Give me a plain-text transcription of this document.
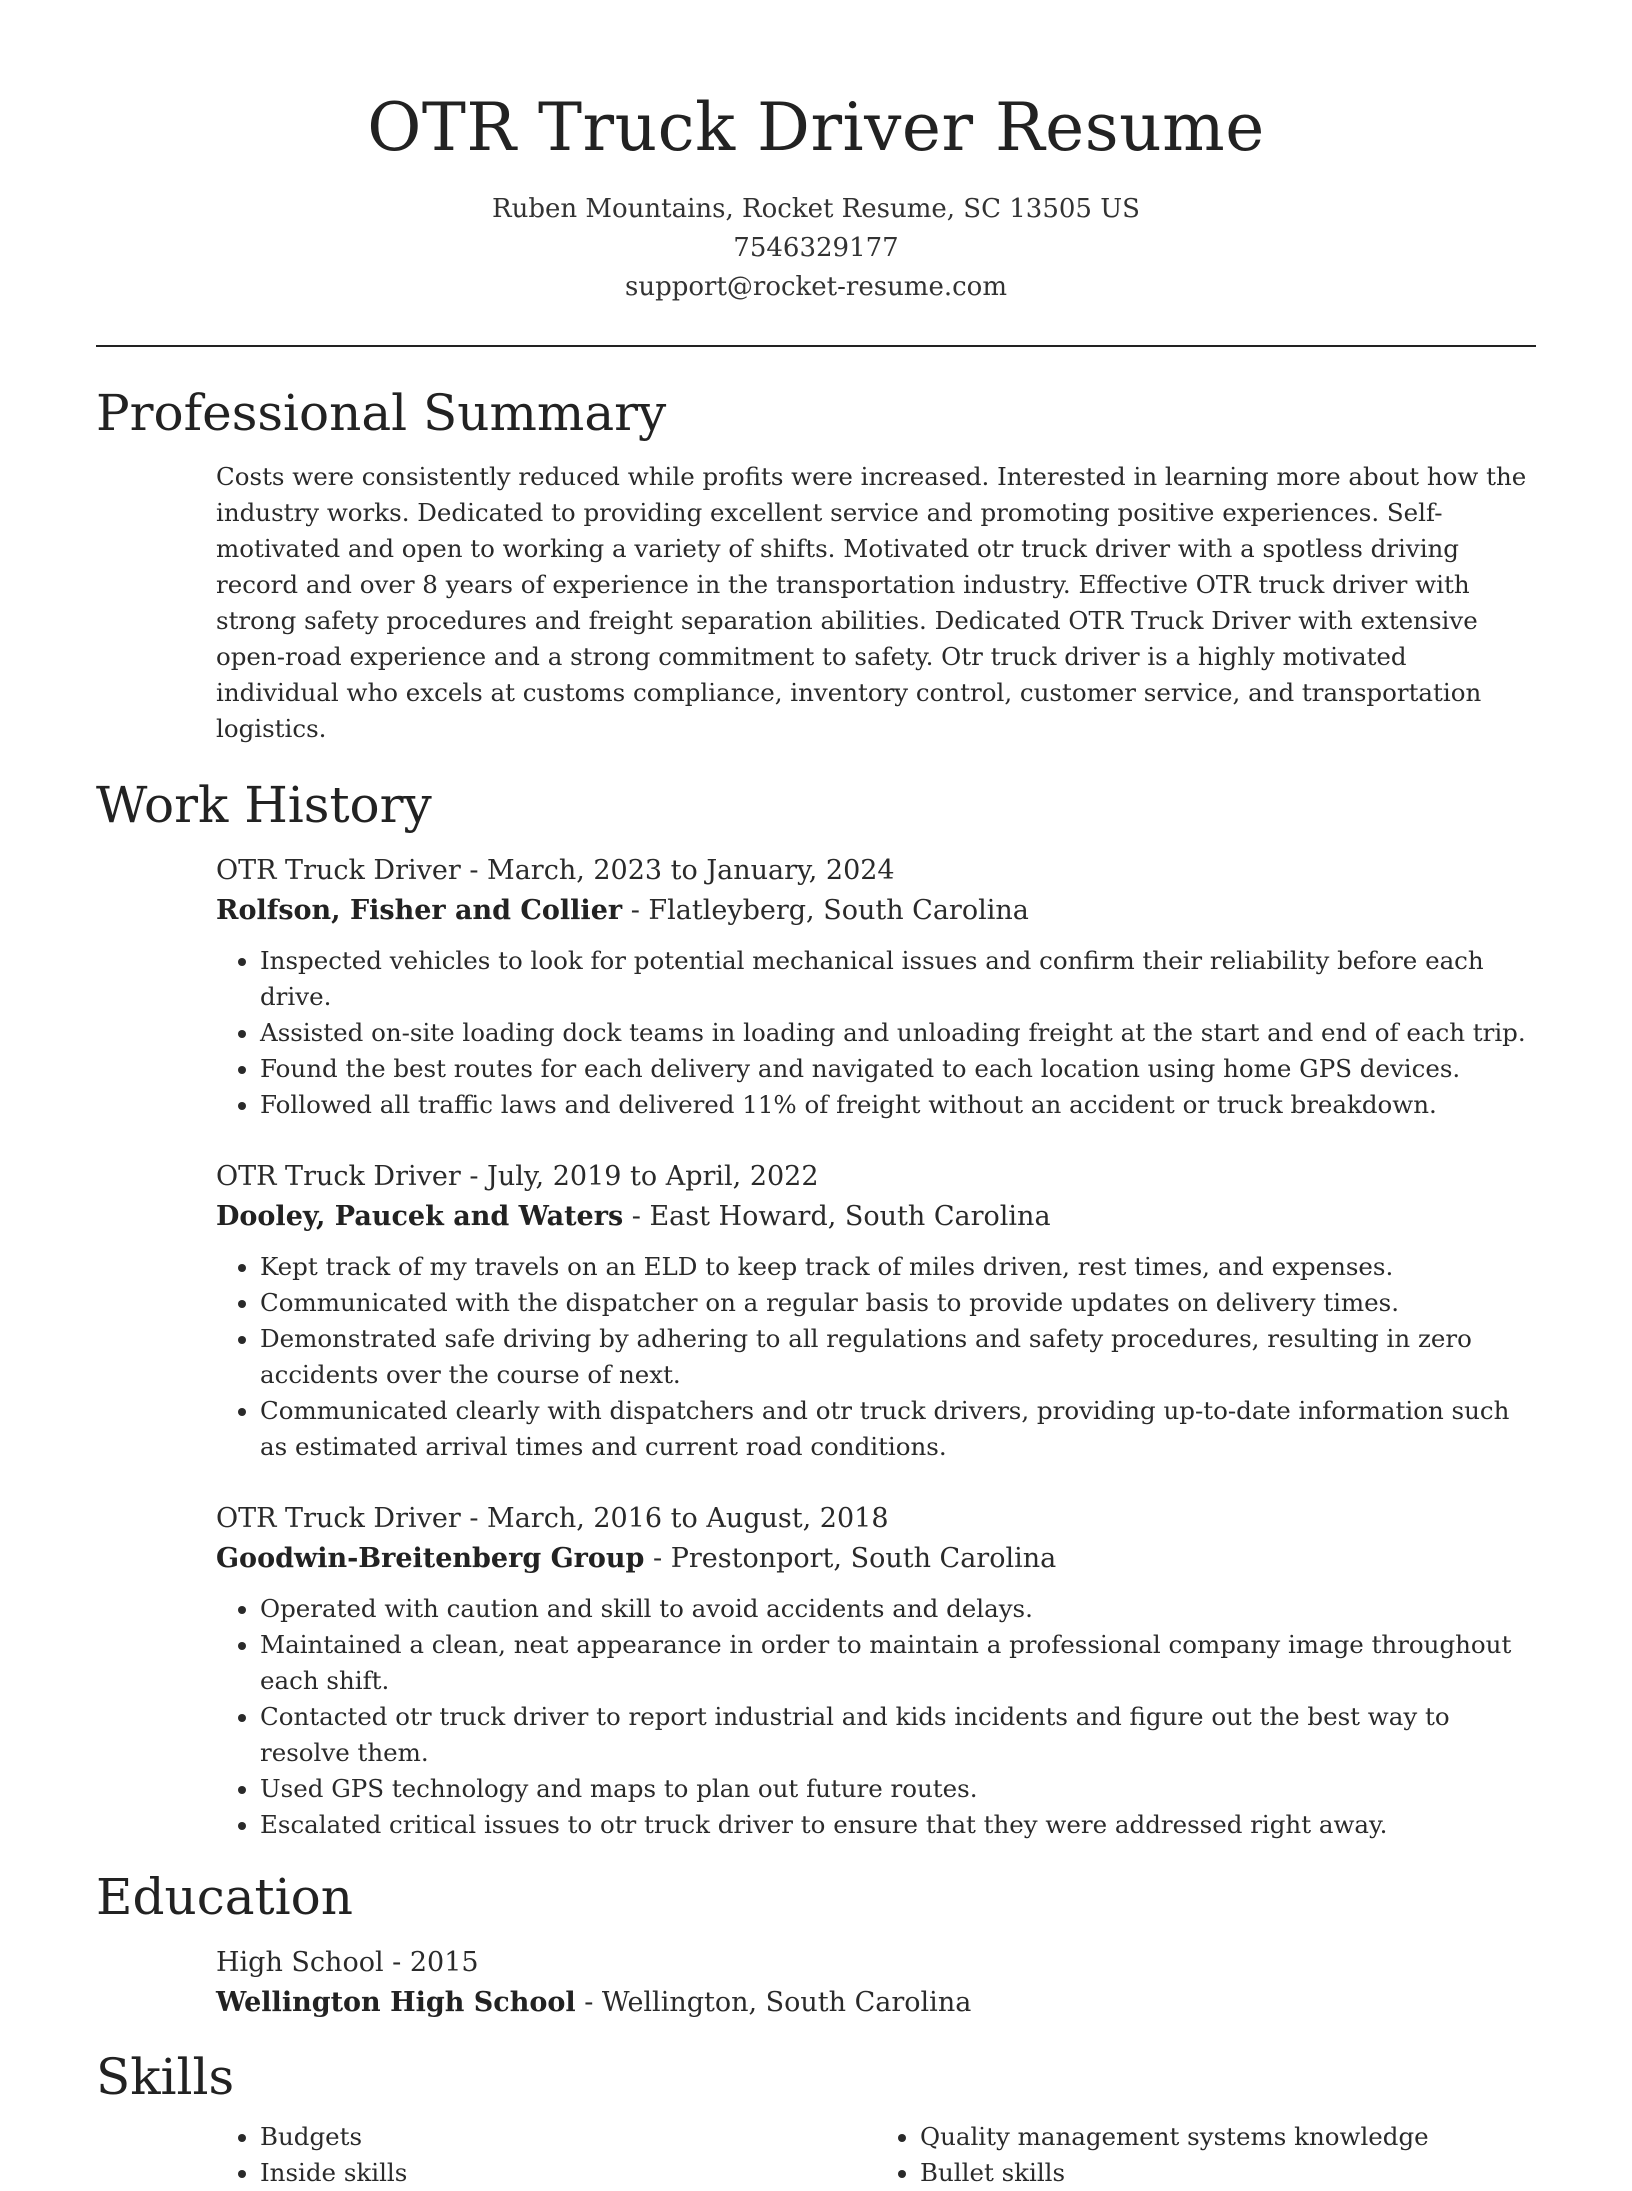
OTR Truck Driver Resume
Ruben Mountains, Rocket Resume, SC 13505 US
7546329177
support@rocket-resume.com
Professional Summary
Costs were consistently reduced while profits were increased. Interested in learning more about how the industry works. Dedicated to providing excellent service and promoting positive experiences. Self-motivated and open to working a variety of shifts. Motivated otr truck driver with a spotless driving record and over 8 years of experience in the transportation industry. Effective OTR truck driver with strong safety procedures and freight separation abilities. Dedicated OTR Truck Driver with extensive open-road experience and a strong commitment to safety. Otr truck driver is a highly motivated individual who excels at customs compliance, inventory control, customer service, and transportation logistics.
Work History
OTR Truck Driver - March, 2023 to January, 2024
Rolfson, Fisher and Collier - Flatleyberg, South Carolina
• Inspected vehicles to look for potential mechanical issues and confirm their reliability before each drive.
• Assisted on-site loading dock teams in loading and unloading freight at the start and end of each trip.
• Found the best routes for each delivery and navigated to each location using home GPS devices.
• Followed all traffic laws and delivered 11% of freight without an accident or truck breakdown.
OTR Truck Driver - July, 2019 to April, 2022
Dooley, Paucek and Waters - East Howard, South Carolina
• Kept track of my travels on an ELD to keep track of miles driven, rest times, and expenses.
• Communicated with the dispatcher on a regular basis to provide updates on delivery times.
• Demonstrated safe driving by adhering to all regulations and safety procedures, resulting in zero accidents over the course of next.
• Communicated clearly with dispatchers and otr truck drivers, providing up-to-date information such as estimated arrival times and current road conditions.
OTR Truck Driver - March, 2016 to August, 2018
Goodwin-Breitenberg Group - Prestonport, South Carolina
• Operated with caution and skill to avoid accidents and delays.
• Maintained a clean, neat appearance in order to maintain a professional company image throughout each shift.
• Contacted otr truck driver to report industrial and kids incidents and figure out the best way to resolve them.
• Used GPS technology and maps to plan out future routes.
• Escalated critical issues to otr truck driver to ensure that they were addressed right away.
Education
High School - 2015
Wellington High School - Wellington, South Carolina
Skills
• Budgets
• Inside skills
• Quality management systems knowledge
• Bullet skills
